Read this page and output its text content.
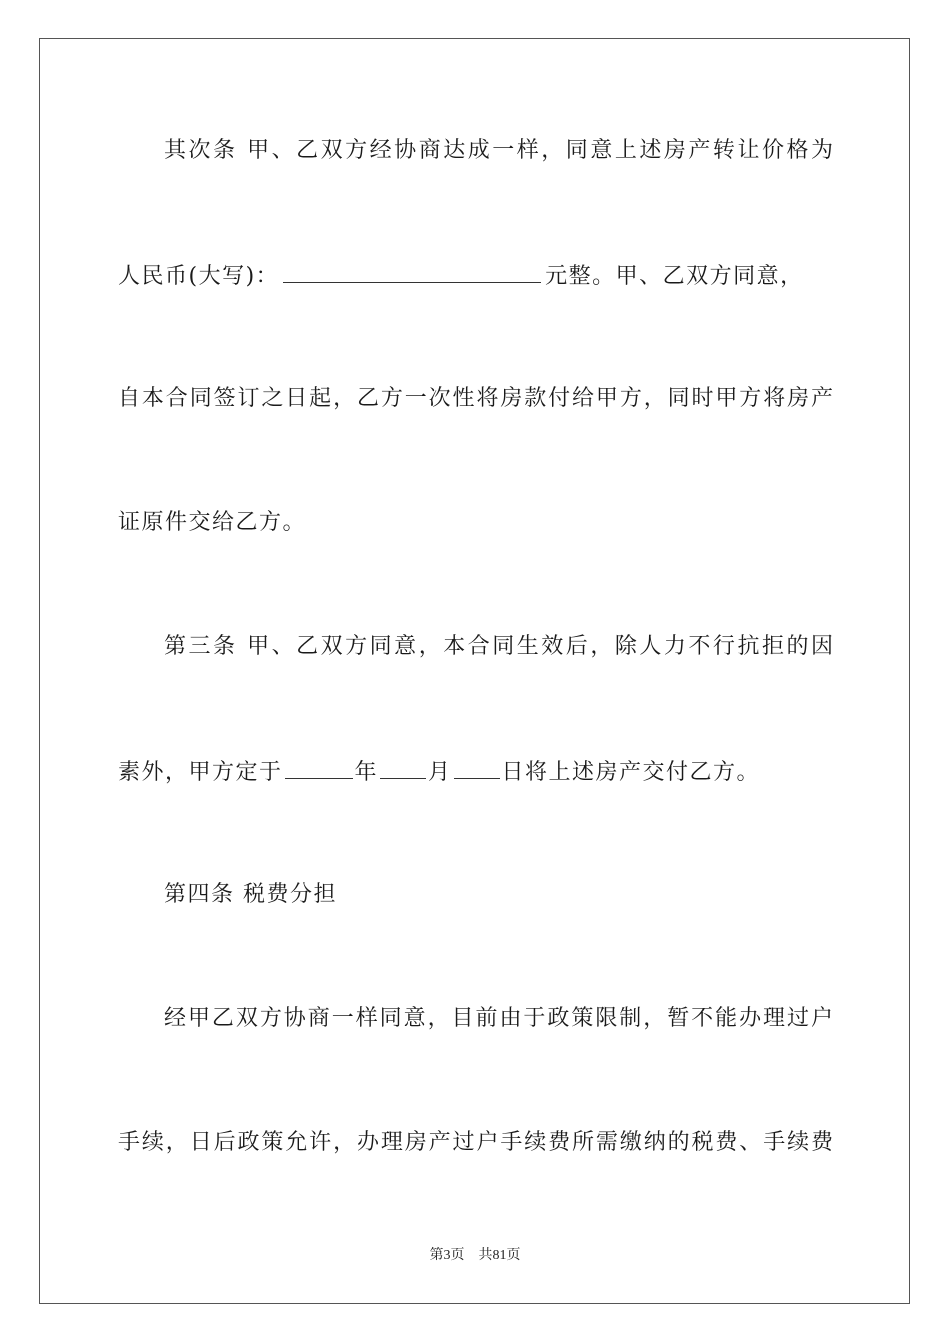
其次条 甲、乙双方经协商达成一样，同意上述房产转让价格为
人民币(大写)：	元整。甲、乙双方同意，
自本合同签订之日起，乙方一次性将房款付给甲方，同时甲方将房产
证原件交给乙方。
第三条 甲、乙双方同意，本合同生效后，除人力不行抗拒的因
素外，甲方定于	年 月 日将上述房产交付乙方。
第四条 税费分担
经甲乙双方协商一样同意，目前由于政策限制，暂不能办理过户
手续，日后政策允许，办理房产过户手续费所需缴纳的税费、手续费
第3页 共81页
